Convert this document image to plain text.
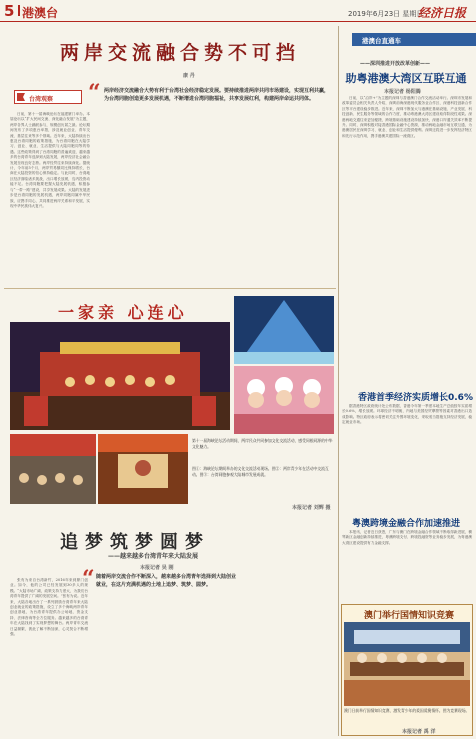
5 港澳台	2019年6月23日 星期日
经济日报
两岸交流融合势不可挡
康 丹
“ 两岸经济交流融合大势有利于台湾社会经济稳定发展。要持续推进两岸共同市场建设，实现互利共赢，为台湾同胞创造更多发展机遇，不断增进台湾同胞福祉，共享发展红利，构建两岸命运共同体。
台湾观察

日前，第十一届海峡论坛在福建厦门举办。本届论坛以“扩大民间交流、深化融合发展”为主题，两岸各界人士踊跃参与，规模创历届之最。论坛期间发布了多项惠台举措，涉及就业创业、青年交流、基层往来等多个领域。近年来，大陆持续出台惠及台湾同胞的政策措施，为台湾同胞在大陆学习、创业、就业、生活提供与大陆同胞同等的待遇。这些政策得到了台湾同胞的普遍欢迎，越来越多的台湾青年选择到大陆发展，两岸经济社会融合发展呈现良好态势。两岸经贸往来持续深化。据统计，今年前5个月，两岸贸易额同比保持增长，台商在大陆投资的信心保持稳定。与此同时，台湾地区经济面临诸多挑战，出口增长放缓，岛内投资动能不足。台湾同胞要把握大陆发展机遇，积极参与“一带一路”建设，共享发展成果。大陆的发展进步是台湾同胞的发展机遇，两岸同胞同属中华民族，应携手同心，共同推进两岸关系和平发展，实现中华民族伟大复兴。

港澳台直通车
——深圳推进开放改革创新——
助粤港澳大湾区互联互通
本报记者 杨阳腾

日前，以“沿岸+”为主题的深圳与香港澳门合作交流活动举行。深圳市发展和改革委员会相关负责人介绍，深圳前海深港现代服务业合作区、深港科技创新合作区等平台建设稳步推进。近年来，深圳不断加大与港澳在基础设施、产业发展、科技创新、民生服务等领域的合作力度，推动粤港澳大湾区建设取得阶段性成果。深港两地交通往来更加便捷，跨境基础设施建设持续加快，深港口岸通关效率不断提升。同时，深圳积极对接香港国际金融中心资源，推动两地金融市场互联互通，为港澳居民在深圳学习、就业、创业和生活提供便利。深圳还将进一步发挥经济特区和先行示范作用，携手港澳共建国际一流湾区。

香港首季经济实质增长0.6%

据香港特区政府统计处公布数据，香港今年第一季度本地生产总值按年实质增长0.6%，增长放缓。环球经济不明朗，内地与美国经贸摩擦等因素对香港出口造成影响。特区政府表示将密切关注外围环境变化，采取适当措施支持经济发展，稳定就业市场。

粤澳跨境金融合作加速推进

本报讯，记者近日获悉，广东与澳门在跨境金融合作领域不断取得新进展，横琴新区金融创新持续推进，粤澳跨境支付、跨境投融资等业务稳步发展，为粤港澳大湾区建设提供有力金融支撑。

澳门举行国情知识竞赛
澳门日前举行国情知识竞赛，激发青少年的爱国爱澳情怀。图为竞赛现场。
本报记者 禹 洋
一家亲 心连心
第十一届海峡论坛活动期间，两岸民众共同参加文化交流活动，感受同根同源的中华文化魅力。
图①：海峡论坛期间举办的文化交流活动现场。图②：两岸青少年在活动中交流互动。图③：台湾同胞参观大陆城市发展成就。
本报记者 刘辉 摄
追梦筑梦圆梦
——越来越多台湾青年来大陆发展
本报记者 吴 刚
“ 随着两岸交流合作不断深入，越来越多台湾青年选择到大陆创业就业，在这片充满机遇的土地上追梦、筑梦、圆梦。

张有为来自台湾新竹，2016年来到厦门创业。如今，他的公司已经发展到30多人的规模。“大陆市场广阔，政策支持力度大，为我们台湾青年提供了广阔的发展空间。”张有为说。近年来，大陆各地出台了一系列鼓励台湾青年来大陆创业就业的政策措施，设立了多个海峡两岸青年创业基地，为台湾青年提供办公场地、资金支持、法律咨询等全方位服务。越来越多的台湾青年在大陆找到了实现梦想的舞台。两岸青年交流日益频繁，彼此了解不断加深，心灵契合不断增强。
